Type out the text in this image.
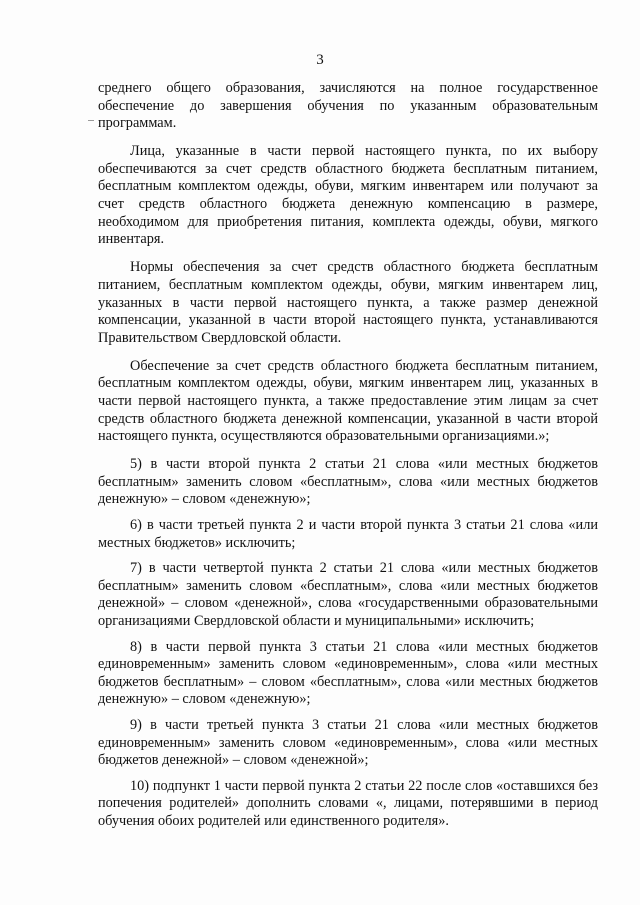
3

среднего общего образования, зачисляются на полное государственное обеспечение до завершения обучения по указанным образовательным программам.

Лица, указанные в части первой настоящего пункта, по их выбору обеспечиваются за счет средств областного бюджета бесплатным питанием, бесплатным комплектом одежды, обуви, мягким инвентарем или получают за счет средств областного бюджета денежную компенсацию в размере, необходимом для приобретения питания, комплекта одежды, обуви, мягкого инвентаря.

Нормы обеспечения за счет средств областного бюджета бесплатным питанием, бесплатным комплектом одежды, обуви, мягким инвентарем лиц, указанных в части первой настоящего пункта, а также размер денежной компенсации, указанной в части второй настоящего пункта, устанавливаются Правительством Свердловской области.

Обеспечение за счет средств областного бюджета бесплатным питанием, бесплатным комплектом одежды, обуви, мягким инвентарем лиц, указанных в части первой настоящего пункта, а также предоставление этим лицам за счет средств областного бюджета денежной компенсации, указанной в части второй настоящего пункта, осуществляются образовательными организациями.»;

5) в части второй пункта 2 статьи 21 слова «или местных бюджетов бесплатным» заменить словом «бесплатным», слова «или местных бюджетов денежную» – словом «денежную»;

6) в части третьей пункта 2 и части второй пункта 3 статьи 21 слова «или местных бюджетов» исключить;

7) в части четвертой пункта 2 статьи 21 слова «или местных бюджетов бесплатным» заменить словом «бесплатным», слова «или местных бюджетов денежной» – словом «денежной», слова «государственными образовательными организациями Свердловской области и муниципальными» исключить;

8) в части первой пункта 3 статьи 21 слова «или местных бюджетов единовременным» заменить словом «единовременным», слова «или местных бюджетов бесплатным» – словом «бесплатным», слова «или местных бюджетов денежную» – словом «денежную»;

9) в части третьей пункта 3 статьи 21 слова «или местных бюджетов единовременным» заменить словом «единовременным», слова «или местных бюджетов денежной» – словом «денежной»;

10) подпункт 1 части первой пункта 2 статьи 22 после слов «оставшихся без попечения родителей» дополнить словами «, лицами, потерявшими в период обучения обоих родителей или единственного родителя».
